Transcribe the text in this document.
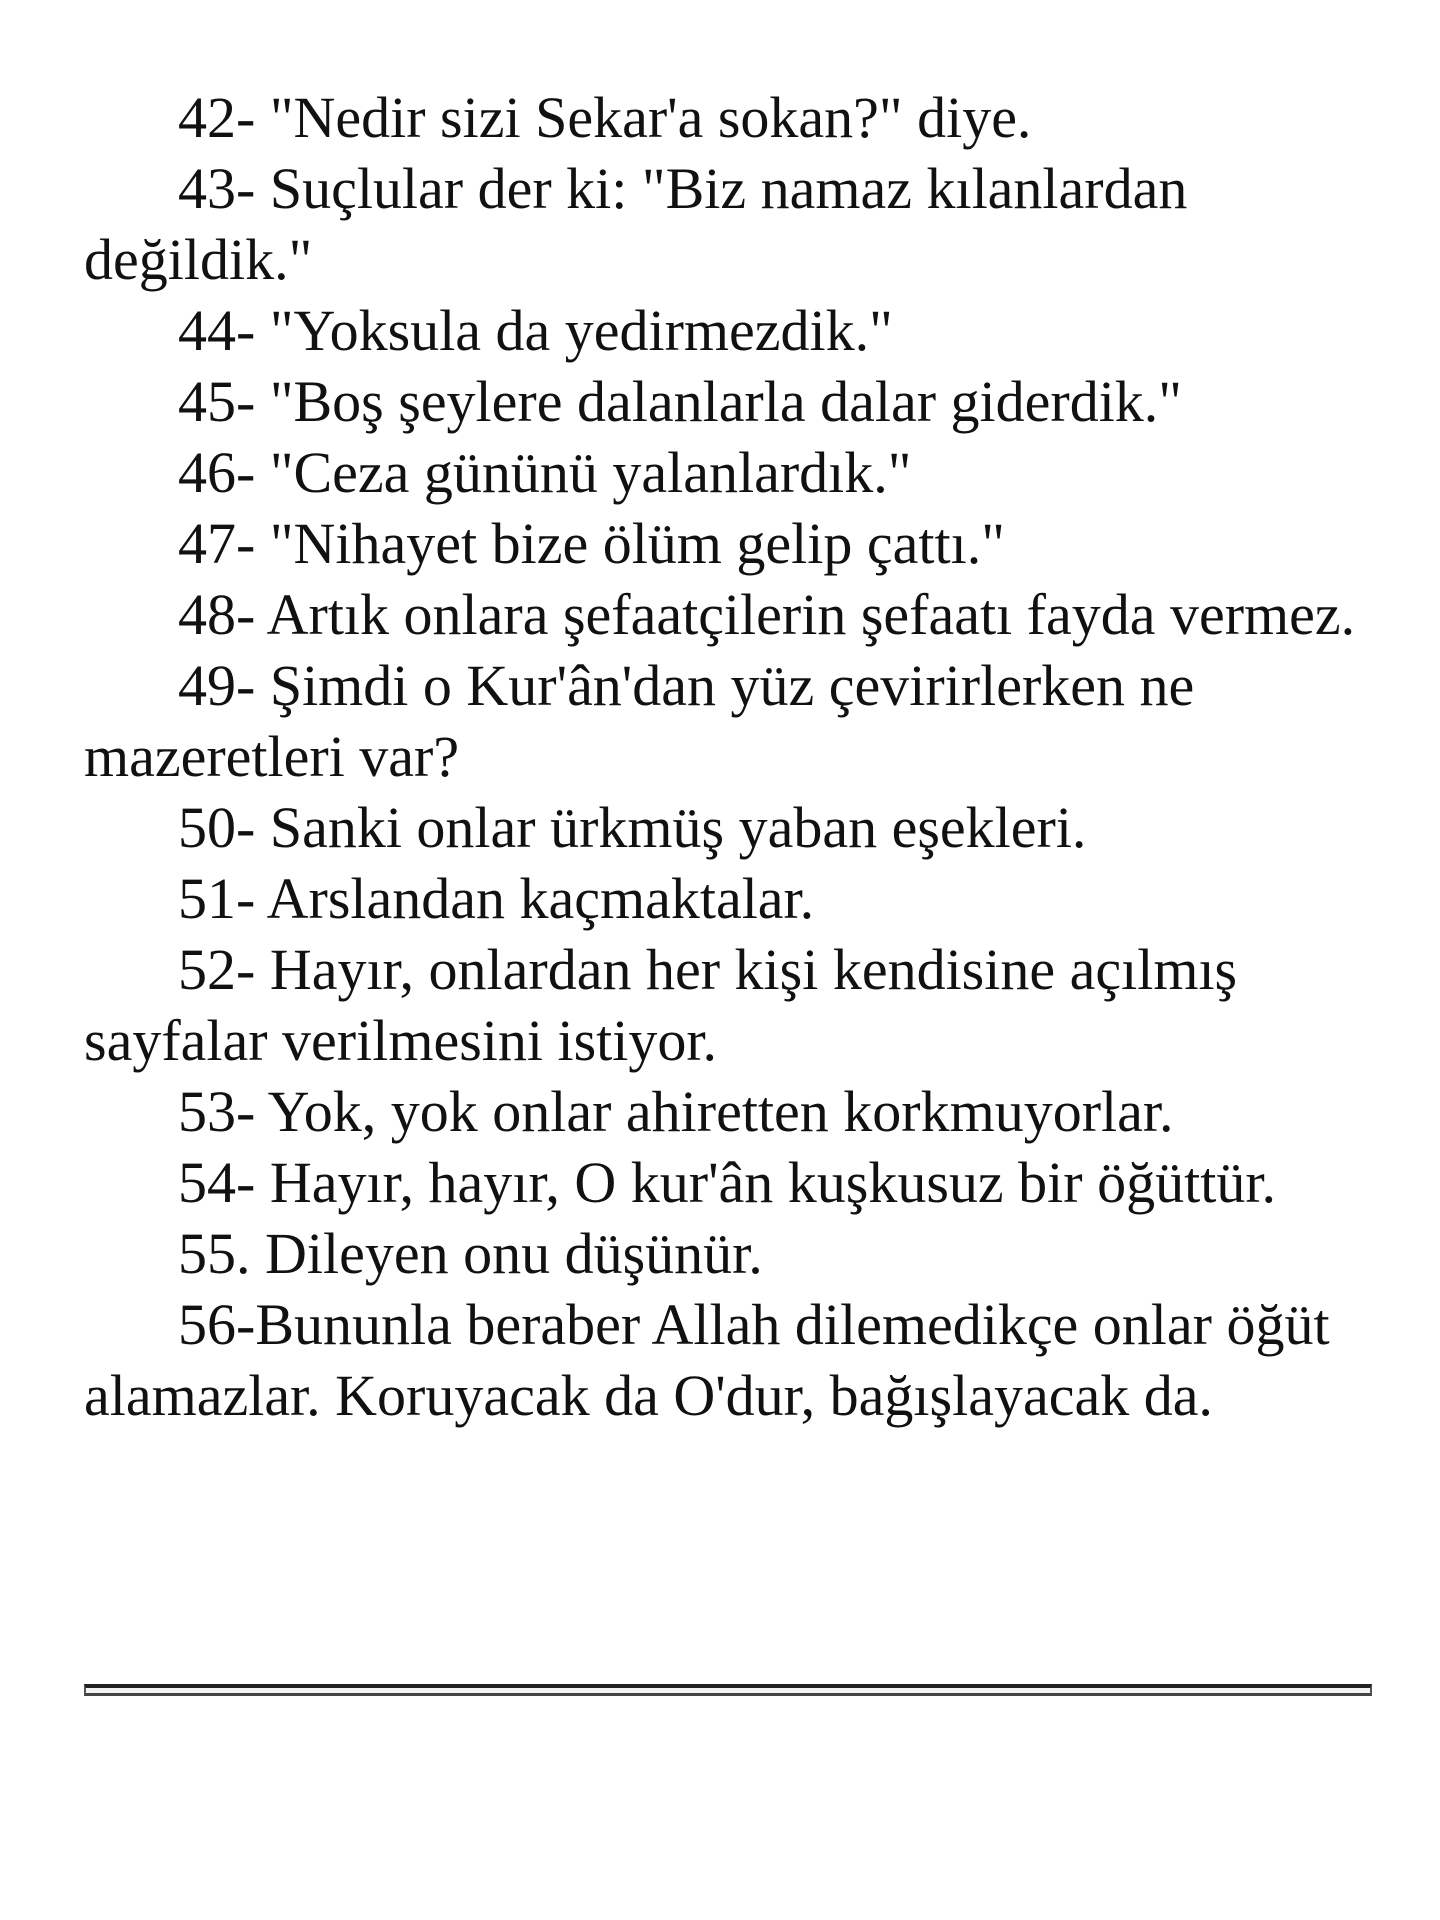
42- "Nedir sizi Sekar'a sokan?" diye.

43- Suçlular der ki: "Biz namaz kılanlardan değildik."

44- "Yoksula da yedirmezdik."

45- "Boş şeylere dalanlarla dalar giderdik."

46- "Ceza gününü yalanlardık."

47- "Nihayet bize ölüm gelip çattı."

48- Artık onlara şefaatçilerin şefaatı fayda vermez.

49- Şimdi o Kur'ân'dan yüz çevirirlerken ne mazeretleri var?

50- Sanki onlar ürkmüş yaban eşekleri.

51- Arslandan kaçmaktalar.

52- Hayır, onlardan her kişi kendisine açılmış sayfalar verilmesini istiyor.

53- Yok, yok onlar ahiretten korkmuyorlar.

54- Hayır, hayır, O kur'ân kuşkusuz bir öğüttür.

55. Dileyen onu düşünür.

56-Bununla beraber Allah dilemedikçe onlar öğüt alamazlar. Koruyacak da O'dur, bağışlayacak da.
